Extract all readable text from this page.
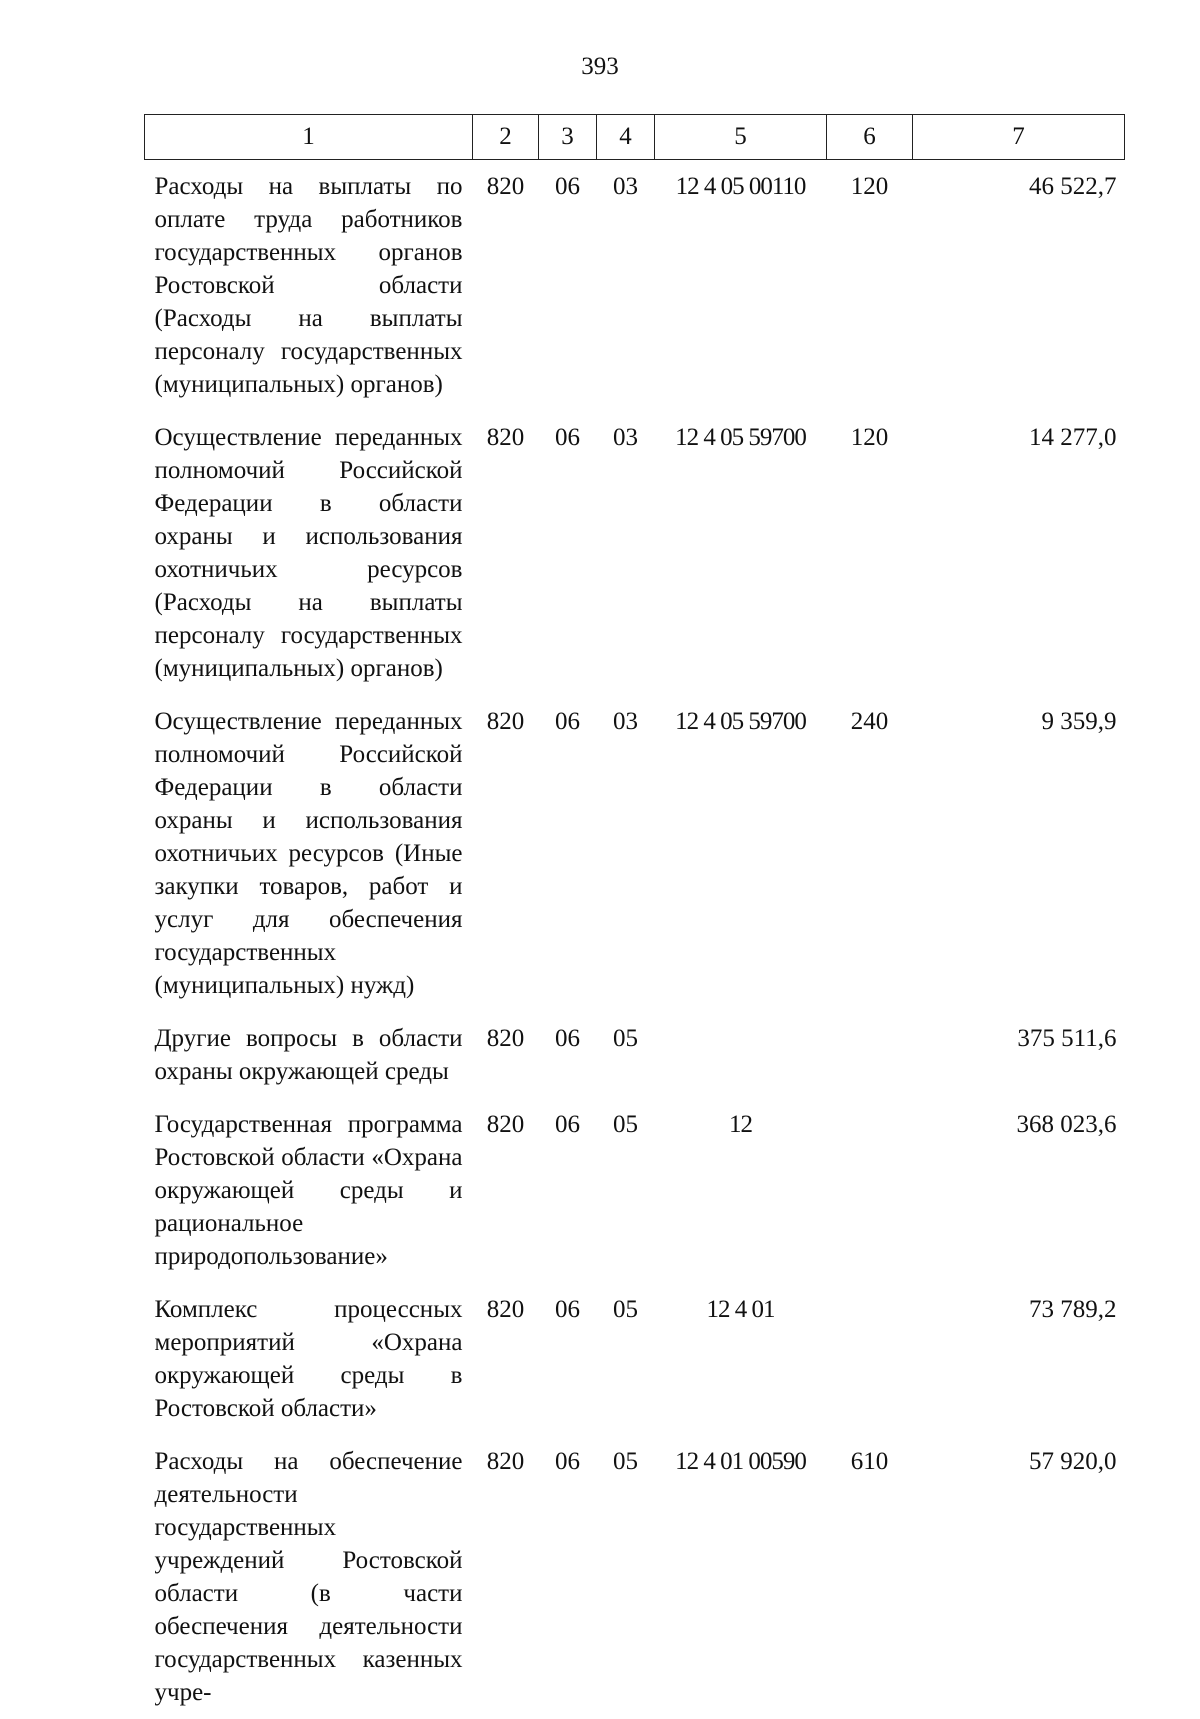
393
1	2	3	4	5	6	7
Расходы на выплаты по оплате труда работников государственных органов Ростовской области (Расходы на выплаты персоналу государственных (муниципальных) органов)	820	06	03	12 4 05 00110	120	46 522,7
Осуществление переданных полномочий Российской Федерации в области охраны и использования охотничьих ресурсов (Расходы на выплаты персоналу государственных (муниципальных) органов)	820	06	03	12 4 05 59700	120	14 277,0
Осуществление переданных полномочий Российской Федерации в области охраны и использования охотничьих ресурсов (Иные закупки товаров, работ и услуг для обеспечения государственных (муниципальных) нужд)	820	06	03	12 4 05 59700	240	9 359,9
Другие вопросы в области охраны окружающей среды	820	06	05			375 511,6
Государственная программа Ростовской области «Охрана окружающей среды и рациональное природопользование»	820	06	05	12		368 023,6
Комплекс процессных мероприятий «Охрана окружающей среды в Ростовской области»	820	06	05	12 4 01		73 789,2
Расходы на обеспечение деятельности государственных учреждений Ростовской области (в части обеспечения деятельности государственных казенных учре-	820	06	05	12 4 01 00590	610	57 920,0
